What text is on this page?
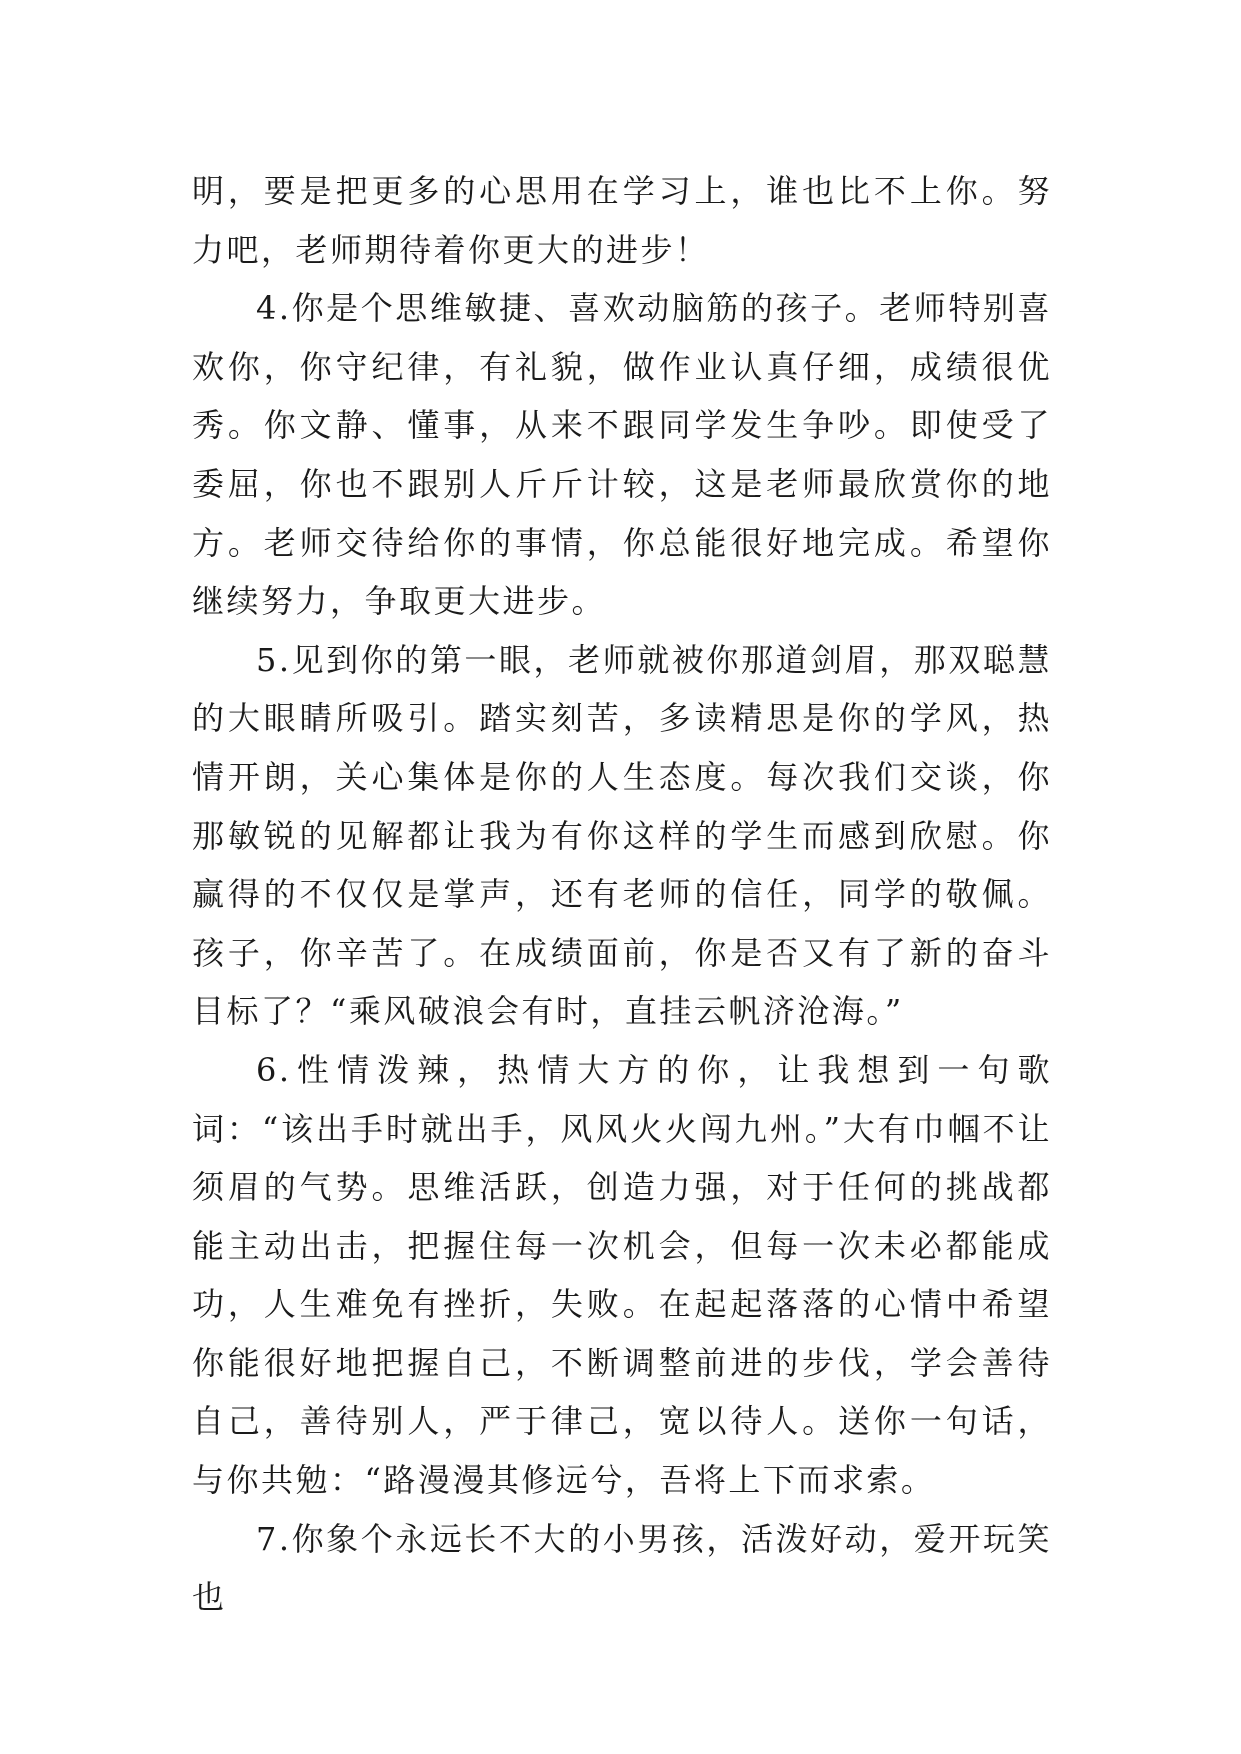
明，要是把更多的心思用在学习上，谁也比不上你。努力吧，老师期待着你更大的进步！

4.你是个思维敏捷、喜欢动脑筋的孩子。老师特别喜欢你，你守纪律，有礼貌，做作业认真仔细，成绩很优秀。你文静、懂事，从来不跟同学发生争吵。即使受了委屈，你也不跟别人斤斤计较，这是老师最欣赏你的地方。老师交待给你的事情，你总能很好地完成。希望你继续努力，争取更大进步。

5.见到你的第一眼，老师就被你那道剑眉，那双聪慧的大眼睛所吸引。踏实刻苦，多读精思是你的学风，热情开朗，关心集体是你的人生态度。每次我们交谈，你那敏锐的见解都让我为有你这样的学生而感到欣慰。你赢得的不仅仅是掌声，还有老师的信任，同学的敬佩。孩子，你辛苦了。在成绩面前，你是否又有了新的奋斗目标了？“乘风破浪会有时，直挂云帆济沧海。”

6.性情泼辣，热情大方的你，让我想到一句歌词：“该出手时就出手，风风火火闯九州。”大有巾帼不让须眉的气势。思维活跃，创造力强，对于任何的挑战都能主动出击，把握住每一次机会，但每一次未必都能成功，人生难免有挫折，失败。在起起落落的心情中希望你能很好地把握自己，不断调整前进的步伐，学会善待自己，善待别人，严于律己，宽以待人。送你一句话，与你共勉：“路漫漫其修远兮，吾将上下而求索。

7.你象个永远长不大的小男孩，活泼好动，爱开玩笑也
